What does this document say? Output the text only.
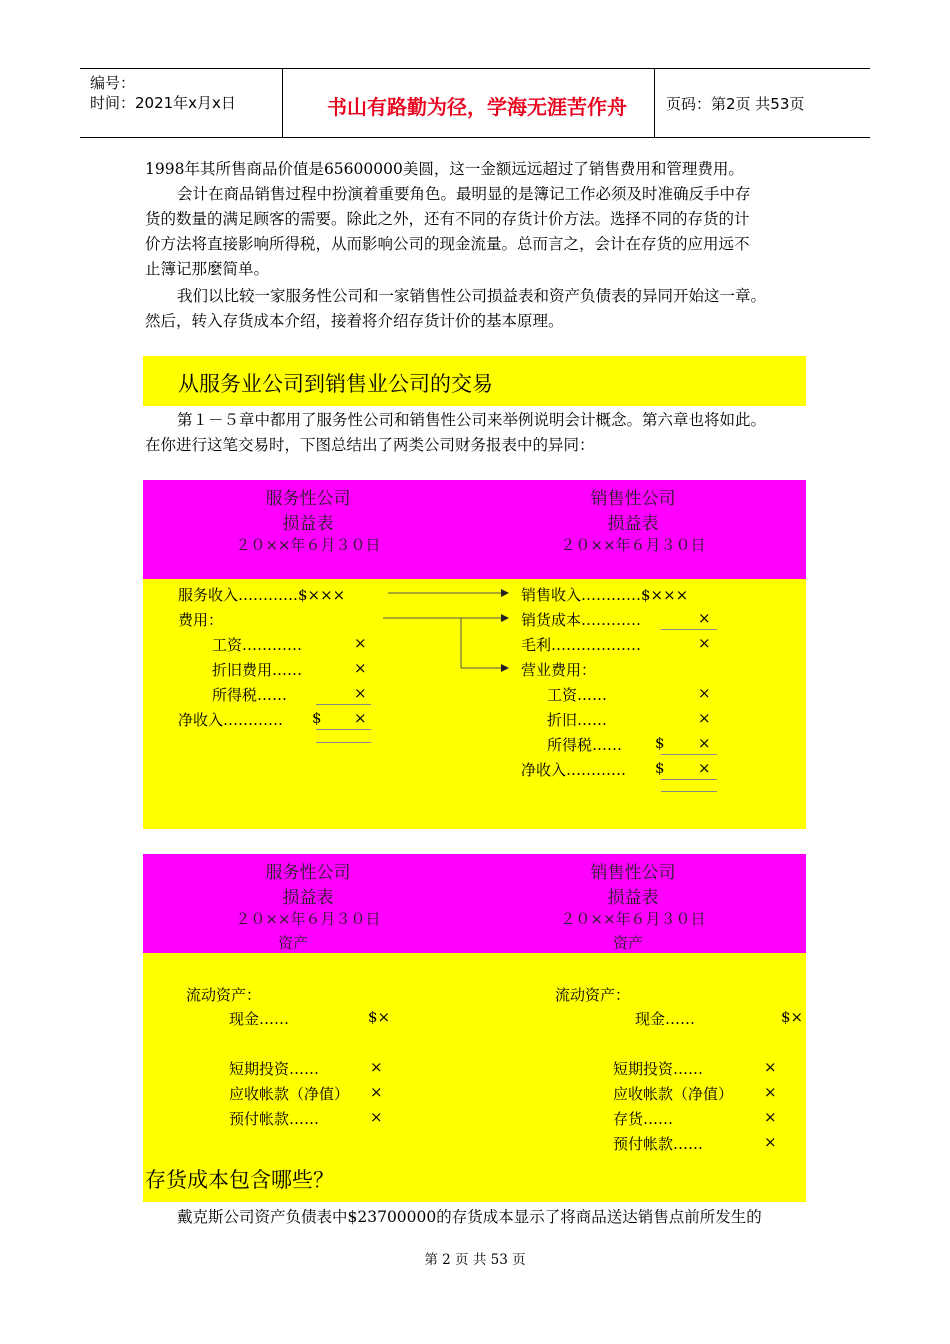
编号：
时间：2021年x月x日	书山有路勤为径，学海无涯苦作舟	页码：第2页 共53页
1998年其所售商品价值是65600000美圆，这一金额远远超过了销售费用和管理费用。
会计在商品销售过程中扮演着重要角色。最明显的是簿记工作必须及时准确反手中存
货的数量的满足顾客的需要。除此之外，还有不同的存货计价方法。选择不同的存货的计
价方法将直接影响所得税，从而影响公司的现金流量。总而言之，会计在存货的应用远不
止簿记那麼简单。
我们以比较一家服务性公司和一家销售性公司损益表和资产负债表的异同开始这一章。
然后，转入存货成本介绍，接着将介绍存货计价的基本原理。
从服务业公司到销售业公司的交易
第１－５章中都用了服务性公司和销售性公司来举例说明会计概念。第六章也将如此。
在你进行这笔交易时，下图总结出了两类公司财务报表中的异同：
服务性公司
损益表
２０××年６月３０日
销售性公司
损益表
２０××年６月３０日
服务收入…………$×××
费用：
工资…………	×
折旧费用……	×
所得税……	×
净收入………… $ ×
销售收入…………$×××
销货成本…………	×
毛利………………	×
营业费用：
工资……	×
折旧……	×
所得税…… $ ×
净收入………… $ ×
服务性公司
损益表
２０××年６月３０日
资产
销售性公司
损益表
２０××年６月３０日
资产
流动资产：
现金……	$×
短期投资……	×
应收帐款（净值） ×
预付帐款……	×
流动资产：
现金……	$×
短期投资……	×
应收帐款（净值） ×
存货……	×
预付帐款……	×
存货成本包含哪些？
戴克斯公司资产负债表中$23700000的存货成本显示了将商品送达销售点前所发生的
第 2 页 共 53 页
